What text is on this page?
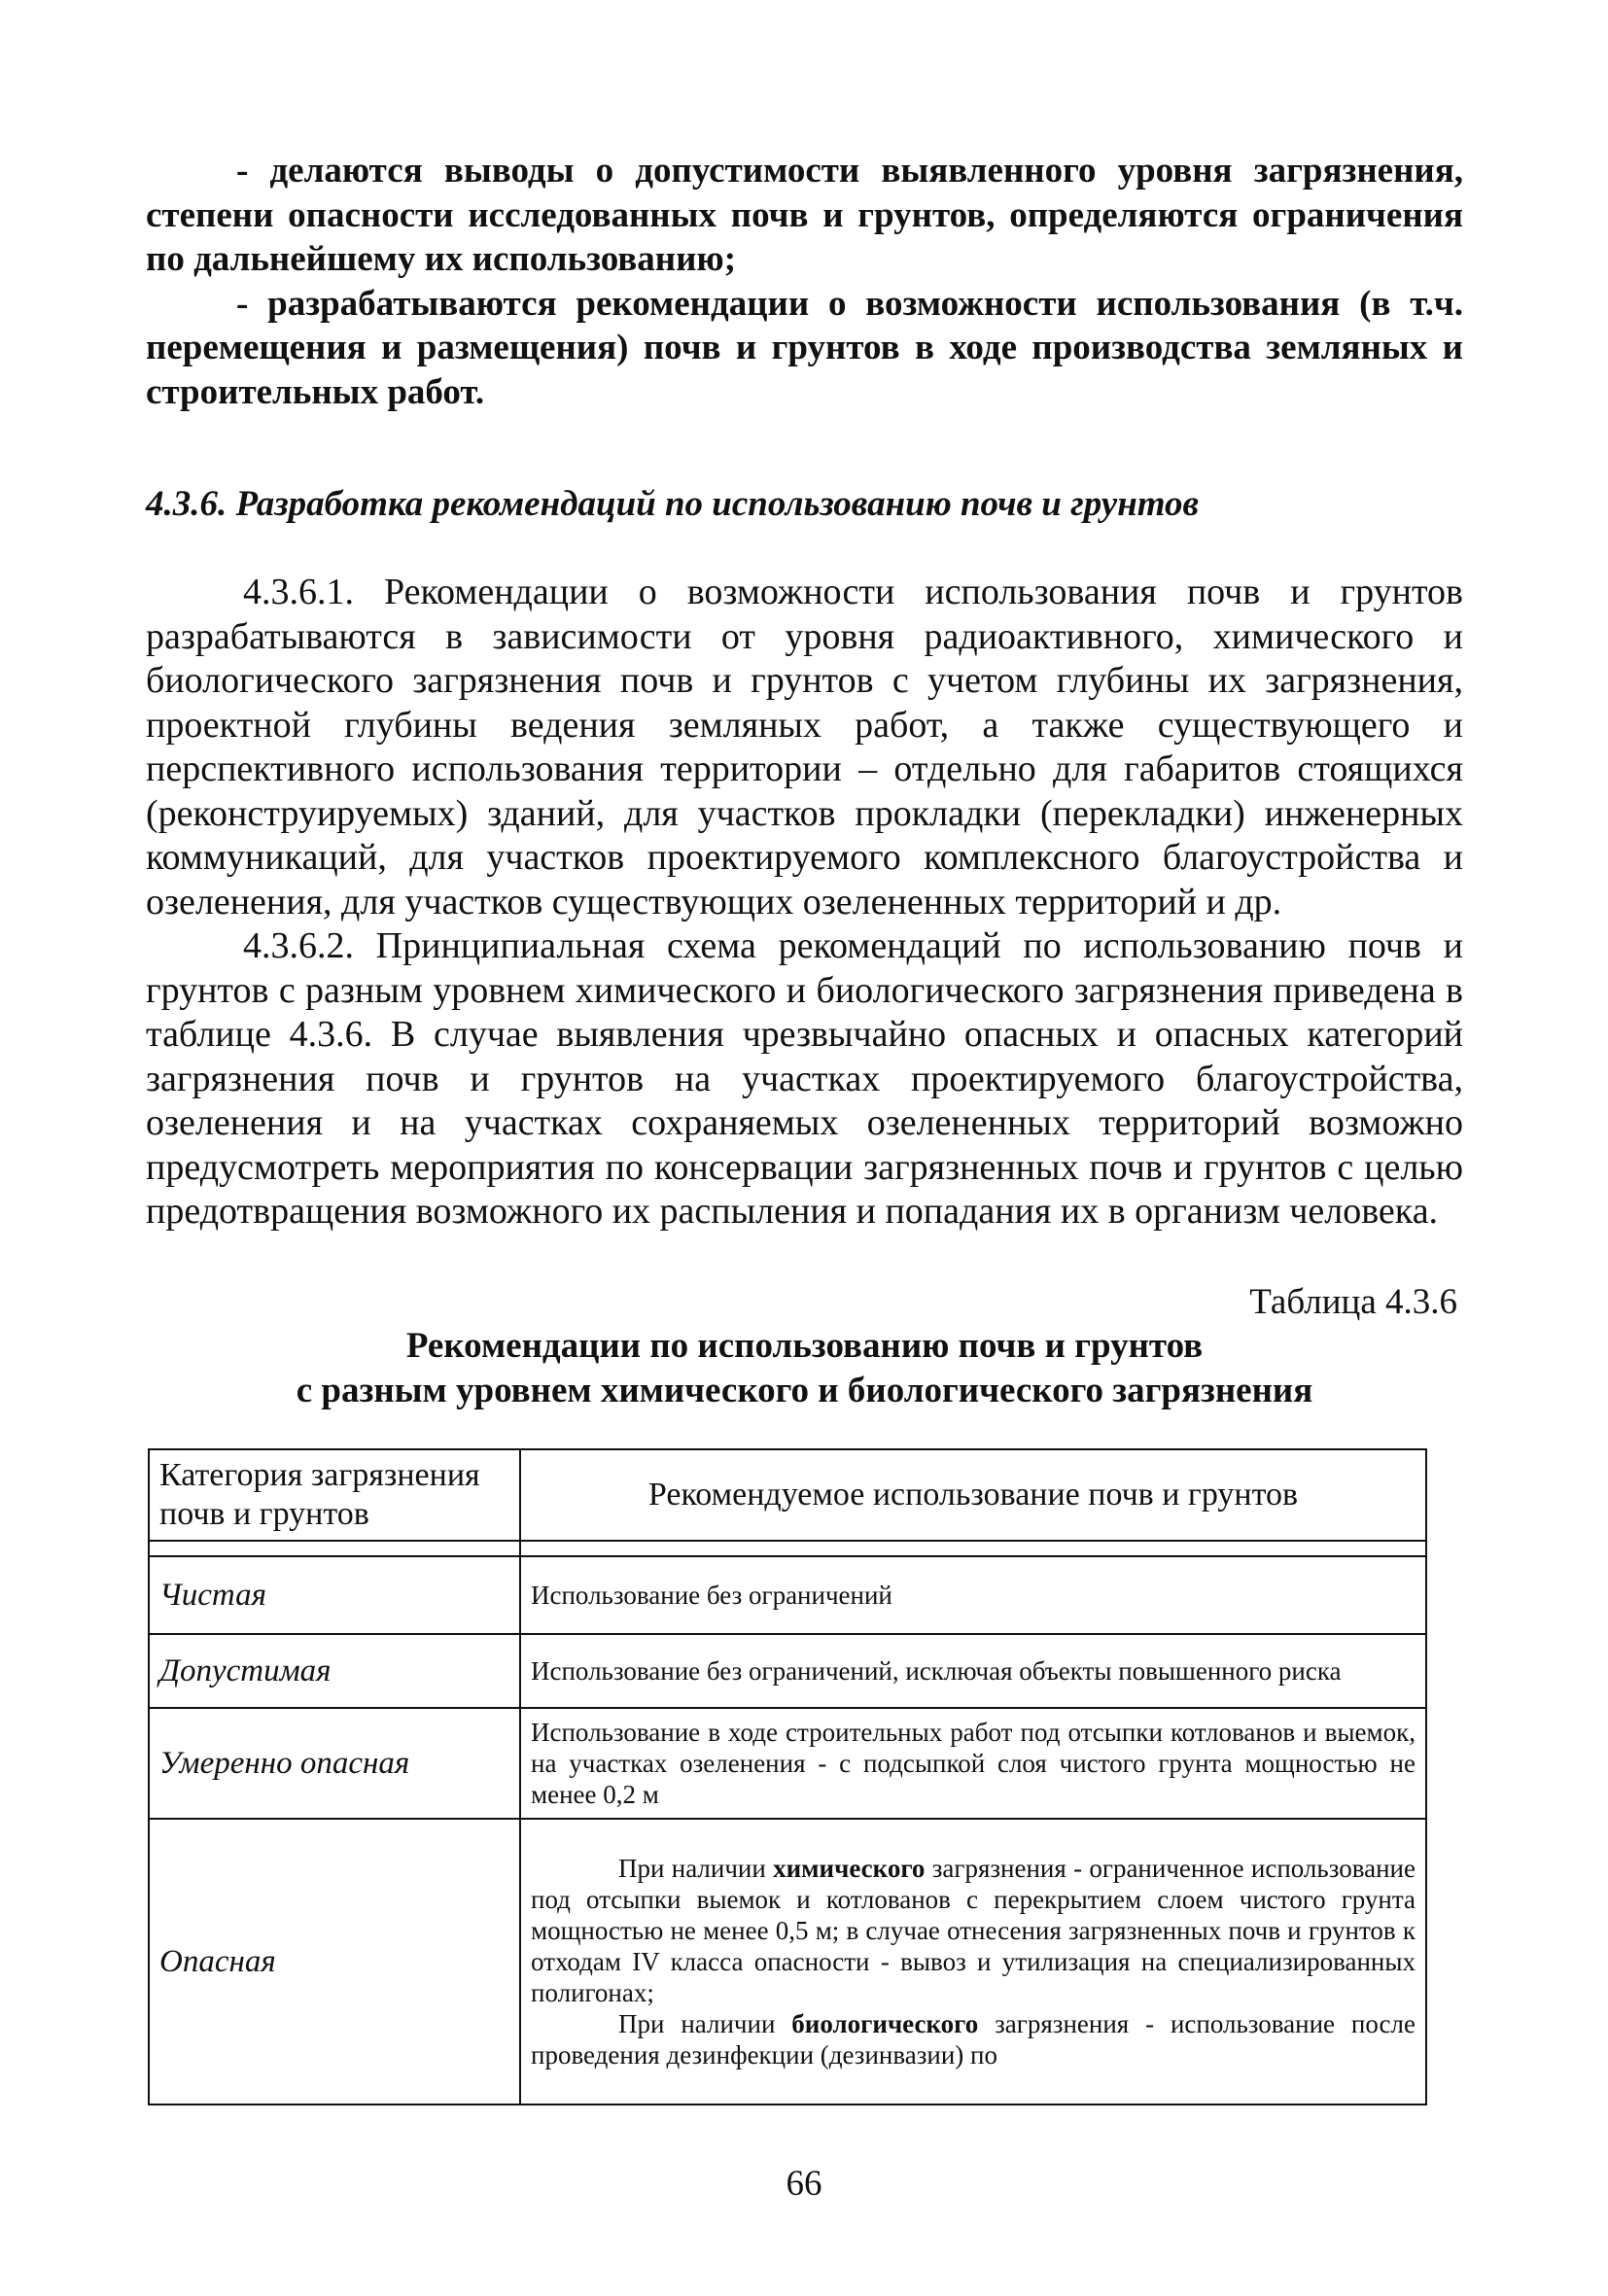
- делаются выводы о допустимости выявленного уровня загрязнения, степени опасности исследованных почв и грунтов, определяются ограничения по дальнейшему их использованию;

- разрабатываются рекомендации о возможности использования (в т.ч. перемещения и размещения) почв и грунтов в ходе производства земляных и строительных работ.

4.3.6. Разработка рекомендаций по использованию почв и грунтов

4.3.6.1. Рекомендации о возможности использования почв и грунтов разрабатываются в зависимости от уровня радиоактивного, химического и биологического загрязнения почв и грунтов с учетом глубины их загрязнения, проектной глубины ведения земляных работ, а также существующего и перспективного использования территории – отдельно для габаритов стоящихся (реконструируемых) зданий, для участков прокладки (перекладки) инженерных коммуникаций, для участков проектируемого комплексного благоустройства и озеленения, для участков существующих озелененных территорий и др.

4.3.6.2. Принципиальная схема рекомендаций по использованию почв и грунтов с разным уровнем химического и биологического загрязнения приведена в таблице 4.3.6. В случае выявления чрезвычайно опасных и опасных категорий загрязнения почв и грунтов на участках проектируемого благоустройства, озеленения и на участках сохраняемых озелененных территорий возможно предусмотреть мероприятия по консервации загрязненных почв и грунтов с целью предотвращения возможного их распыления и попадания их в организм человека.

Таблица 4.3.6
Рекомендации по использованию почв и грунтов
с разным уровнем химического и биологического загрязнения
Категория загрязнения почв и грунтов	Рекомендуемое использование почв и грунтов

Чистая	Использование без ограничений
Допустимая	Использование без ограничений, исключая объекты повышенного риска
Умеренно опасная	Использование в ходе строительных работ под отсыпки котлованов и выемок, на участках озеленения - с подсыпкой слоя чистого грунта мощностью не менее 0,2 м
Опасная	При наличии химического загрязнения - ограниченное использование под отсыпки выемок и котлованов с перекрытием слоем чистого грунта мощностью не менее 0,5 м; в случае отнесения загрязненных почв и грунтов к отходам IV класса опасности - вывоз и утилизация на специализированных полигонах;

При наличии биологического загрязнения - использование после проведения дезинфекции (дезинвазии) по

66
